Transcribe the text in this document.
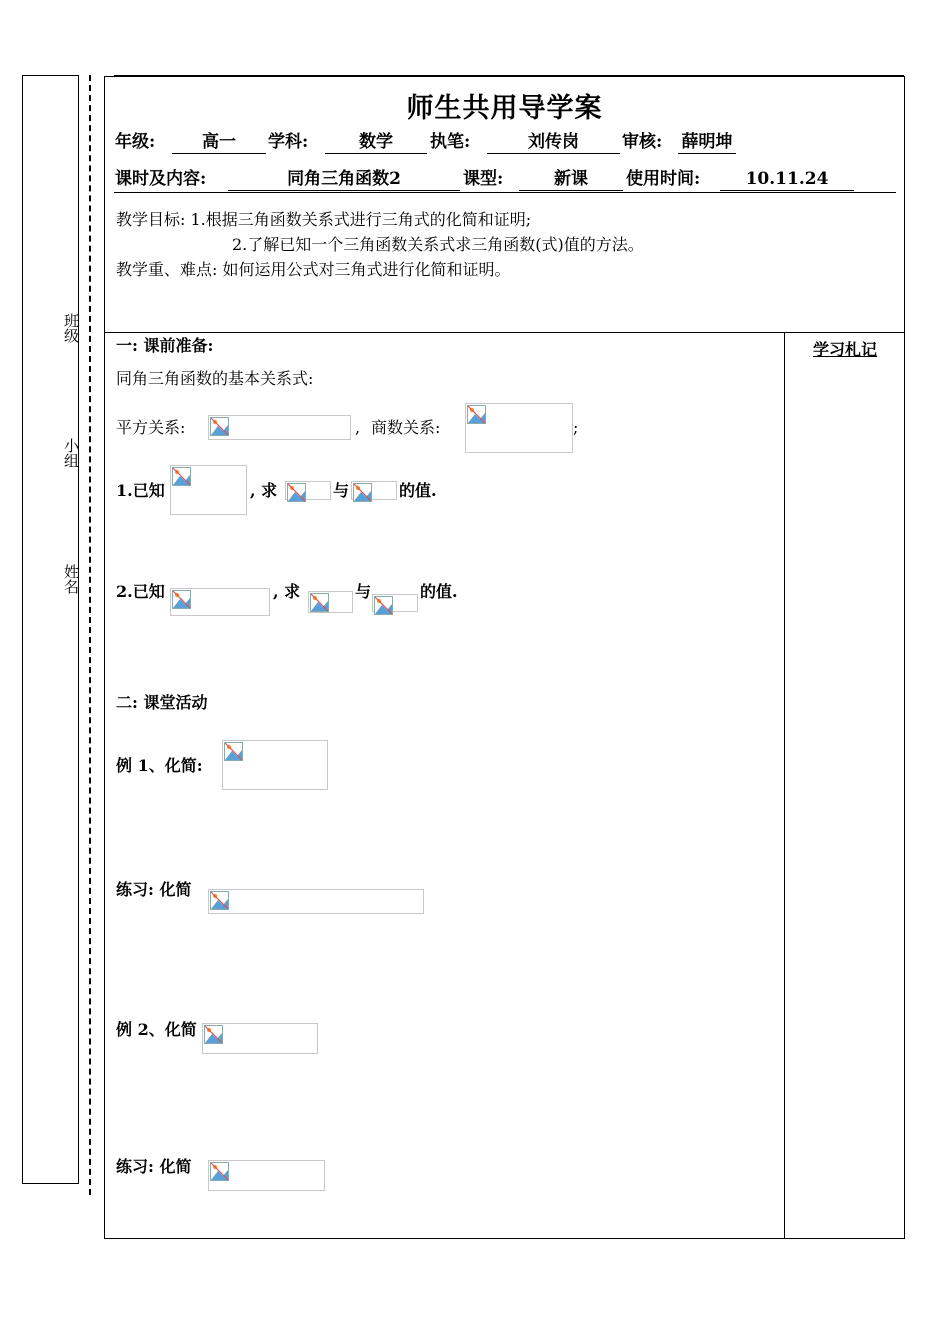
班级
小组
姓名
师生共用导学案
年级:	高一	学科:	数学	执笔:	刘传岗	审核: 薛明坤
课时及内容:	同角三角函数2	课型:	新课	使用时间:	10.11.24
教学目标: 1.根据三角函数关系式进行三角式的化简和证明;
2.了解已知一个三角函数关系式求三角函数(式)值的方法。
教学重、难点: 如何运用公式对三角式进行化简和证明。
学习札记
一: 课前准备:
同角三角函数的基本关系式:
平方关系:	, 商数关系:	;
1.已知	, 求	与	的值.
2.已知	, 求	与	的值.
二: 课堂活动
例 1、化简:
练习: 化简
例 2、化简
练习: 化简
